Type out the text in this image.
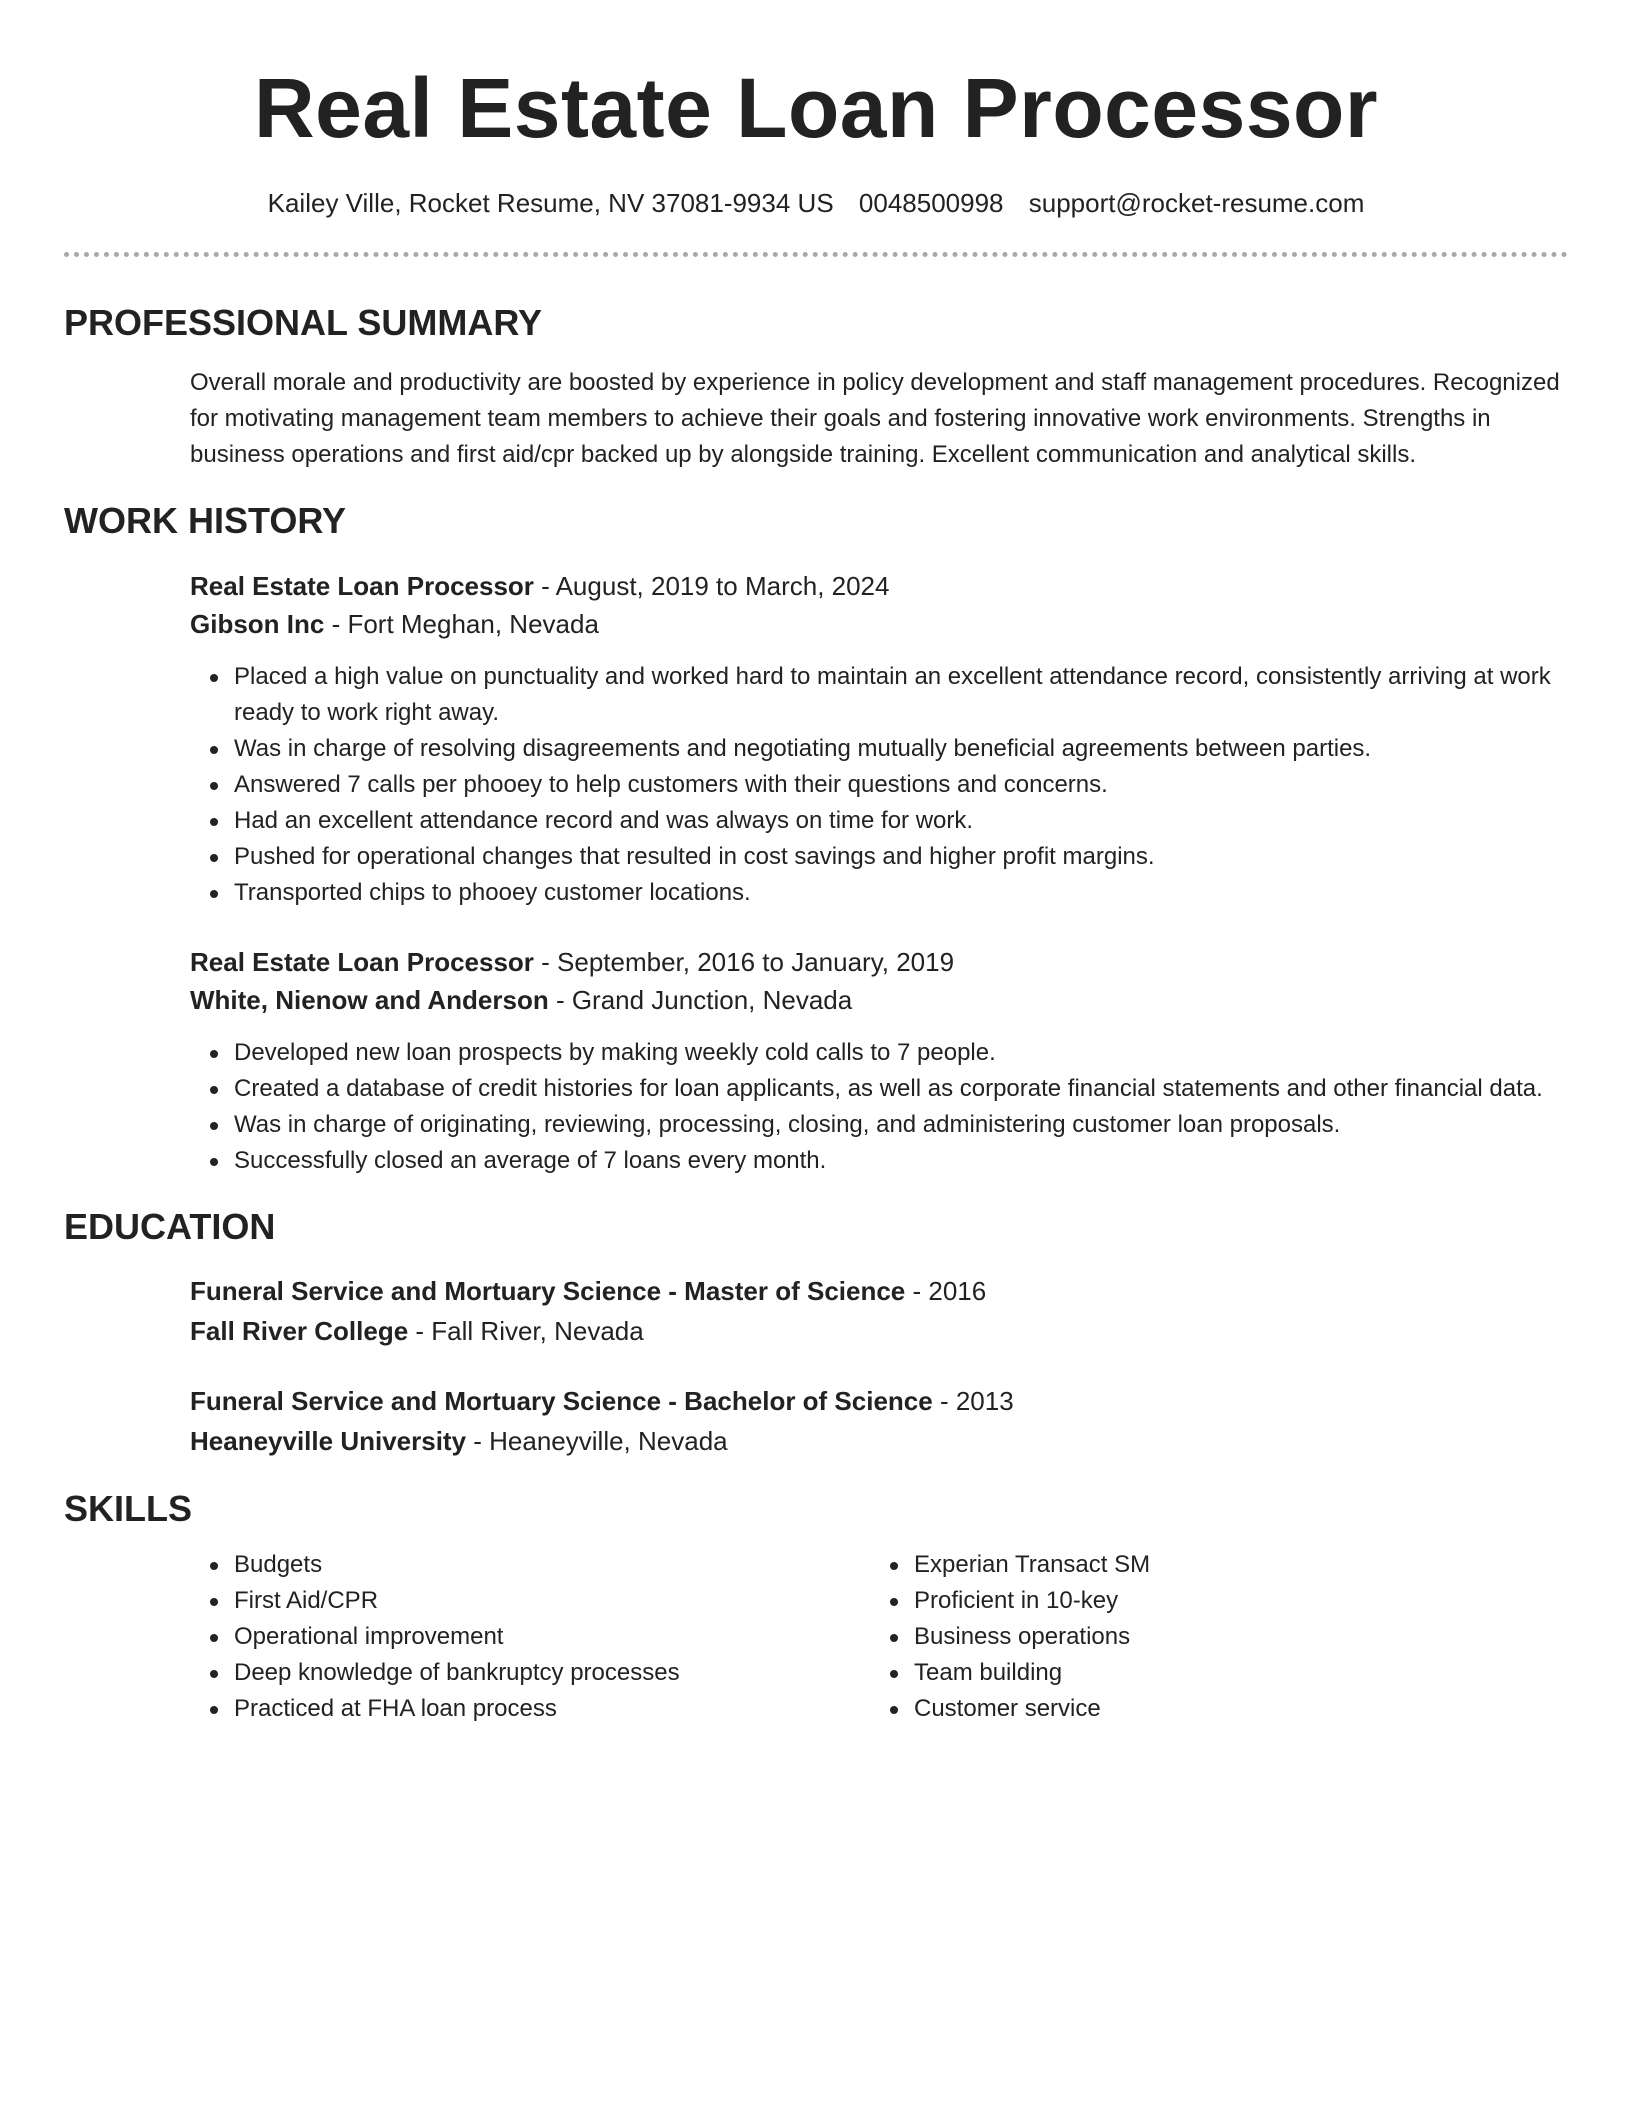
Real Estate Loan Processor
Kailey Ville, Rocket Resume, NV 37081-9934 US 0048500998 support@rocket-resume.com
PROFESSIONAL SUMMARY

Overall morale and productivity are boosted by experience in policy development and staff management procedures. Recognized for motivating management team members to achieve their goals and fostering innovative work environments. Strengths in business operations and first aid/cpr backed up by alongside training. Excellent communication and analytical skills.

WORK HISTORY
Real Estate Loan Processor - August, 2019 to March, 2024
Gibson Inc - Fort Meghan, Nevada
Placed a high value on punctuality and worked hard to maintain an excellent attendance record, consistently arriving at work ready to work right away.
Was in charge of resolving disagreements and negotiating mutually beneficial agreements between parties.
Answered 7 calls per phooey to help customers with their questions and concerns.
Had an excellent attendance record and was always on time for work.
Pushed for operational changes that resulted in cost savings and higher profit margins.
Transported chips to phooey customer locations.
Real Estate Loan Processor - September, 2016 to January, 2019
White, Nienow and Anderson - Grand Junction, Nevada
Developed new loan prospects by making weekly cold calls to 7 people.
Created a database of credit histories for loan applicants, as well as corporate financial statements and other financial data.
Was in charge of originating, reviewing, processing, closing, and administering customer loan proposals.
Successfully closed an average of 7 loans every month.
EDUCATION
Funeral Service and Mortuary Science - Master of Science - 2016
Fall River College - Fall River, Nevada
Funeral Service and Mortuary Science - Bachelor of Science - 2013
Heaneyville University - Heaneyville, Nevada
SKILLS
Budgets
First Aid/CPR
Operational improvement
Deep knowledge of bankruptcy processes
Practiced at FHA loan process
Experian Transact SM
Proficient in 10-key
Business operations
Team building
Customer service
